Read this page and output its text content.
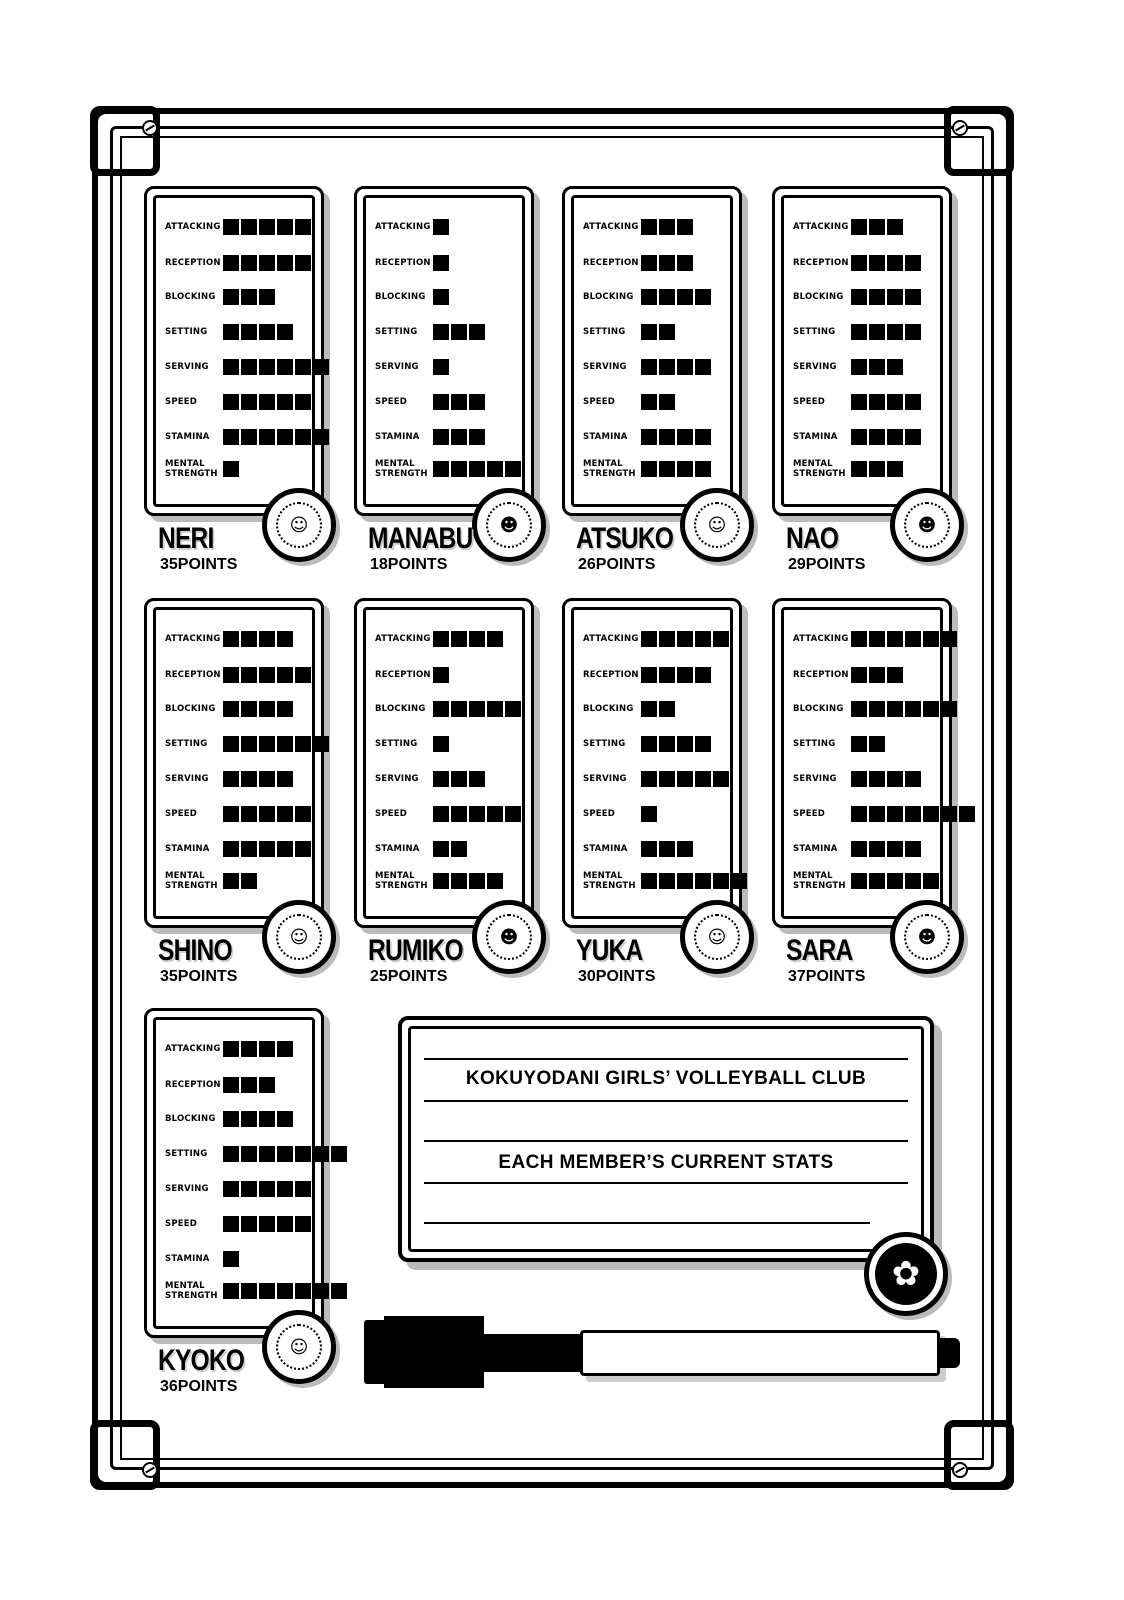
ATTACKING
RECEPTION
BLOCKING
SETTING
SERVING
SPEED
STAMINA
MENTAL
STRENGTH
☺
NERI
35POINTS
ATTACKING
RECEPTION
BLOCKING
SETTING
SERVING
SPEED
STAMINA
MENTAL
STRENGTH
☻
MANABU
18POINTS
ATTACKING
RECEPTION
BLOCKING
SETTING
SERVING
SPEED
STAMINA
MENTAL
STRENGTH
☺
ATSUKO
26POINTS
ATTACKING
RECEPTION
BLOCKING
SETTING
SERVING
SPEED
STAMINA
MENTAL
STRENGTH
☻
NAO
29POINTS
ATTACKING
RECEPTION
BLOCKING
SETTING
SERVING
SPEED
STAMINA
MENTAL
STRENGTH
☺
SHINO
35POINTS
ATTACKING
RECEPTION
BLOCKING
SETTING
SERVING
SPEED
STAMINA
MENTAL
STRENGTH
☻
RUMIKO
25POINTS
ATTACKING
RECEPTION
BLOCKING
SETTING
SERVING
SPEED
STAMINA
MENTAL
STRENGTH
☺
YUKA
30POINTS
ATTACKING
RECEPTION
BLOCKING
SETTING
SERVING
SPEED
STAMINA
MENTAL
STRENGTH
☻
SARA
37POINTS
ATTACKING
RECEPTION
BLOCKING
SETTING
SERVING
SPEED
STAMINA
MENTAL
STRENGTH
☺
KYOKO
36POINTS
KOKUYODANI GIRLS’ VOLLEYBALL CLUB
EACH MEMBER’S CURRENT STATS
✿
